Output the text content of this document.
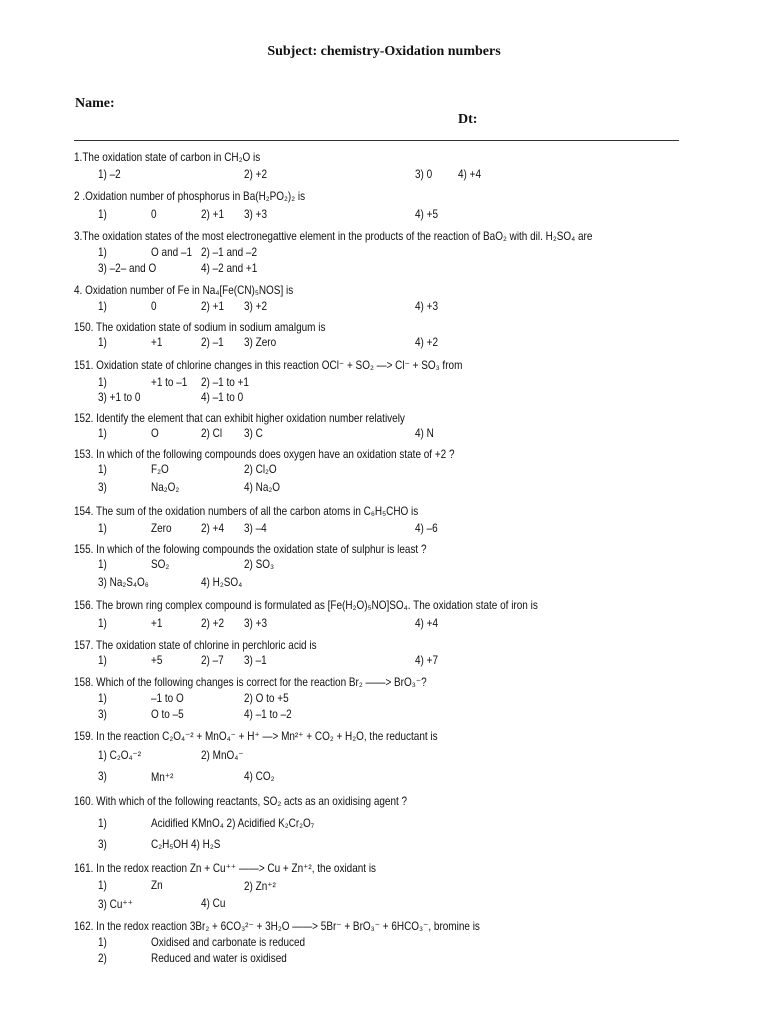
Subject: chemistry-Oxidation numbers
Name:
Dt:
1.The oxidation state of carbon in CH₂O is
1) –2	2) +2	3) 0 4) +4
2 .Oxidation number of phosphorus in Ba(H₂PO₂)₂ is
1)	0	2) +1 3) +3	4) +5
3.The oxidation states of the most electronegattive element in the products of the reaction of BaO₂ with dil. H₂SO₄ are
1)	O and –1 2) –1 and –2
3) –2– and O	4) –2 and +1
4. Oxidation number of Fe in Na₄[Fe(CN)₅NOS] is
1)	0	2) +1 3) +2	4) +3
150. The oxidation state of sodium in sodium amalgum is
1)	+1	2) –1 3) Zero	4) +2
151. Oxidation state of chlorine changes in this reaction OCl⁻ + SO₂ —> Cl⁻ + SO₃ from
1)	+1 to –1 2) –1 to +1
3) +1 to 0	4) –1 to 0
152. Identify the element that can exhibit higher oxidation number relatively
1)	O	2) Cl 3) C	4) N
153. In which of the following compounds does oxygen have an oxidation state of +2 ?
1)	F₂O	2) Cl₂O
3)	Na₂O₂	4) Na₂O
154. The sum of the oxidation numbers of all the carbon atoms in C₆H₅CHO is
1)	Zero	2) +4 3) –4	4) –6
155. In which of the folowing compounds the oxidation state of sulphur is least ?
1)	SO₂	2) SO₃
3) Na₂S₄O₆	4) H₂SO₄
156. The brown ring complex compound is formulated as [Fe(H₂O)₅NO]SO₄. The oxidation state of iron is
1)	+1	2) +2 3) +3	4) +4
157. The oxidation state of chlorine in perchloric acid is
1)	+5	2) –7 3) –1	4) +7
158. Which of the following changes is correct for the reaction Br₂ ——> BrO₃⁻?
1)	–1 to O	2) O to +5
3)	O to –5	4) –1 to –2
159. In the reaction C₂O₄⁻² + MnO₄⁻ + H⁺ —> Mn²⁺ + CO₂ + H₂O, the reductant is
1) C₂O₄⁻²	2) MnO₄⁻
3)	Mn⁺²	4) CO₂
160. With which of the following reactants, SO₂ acts as an oxidising agent ?
1)	Acidified KMnO₄ 2) Acidified K₂Cr₂O₇
3)	C₂H₅OH 4) H₂S
161. In the redox reaction Zn + Cu⁺⁺ ——> Cu + Zn⁺², the oxidant is
1)	Zn	2) Zn⁺²
3) Cu⁺⁺	4) Cu
162. In the redox reaction 3Br₂ + 6CO₃²⁻ + 3H₂O ——> 5Br⁻ + BrO₃⁻ + 6HCO₃⁻, bromine is
1)	Oxidised and carbonate is reduced
2)	Reduced and water is oxidised
